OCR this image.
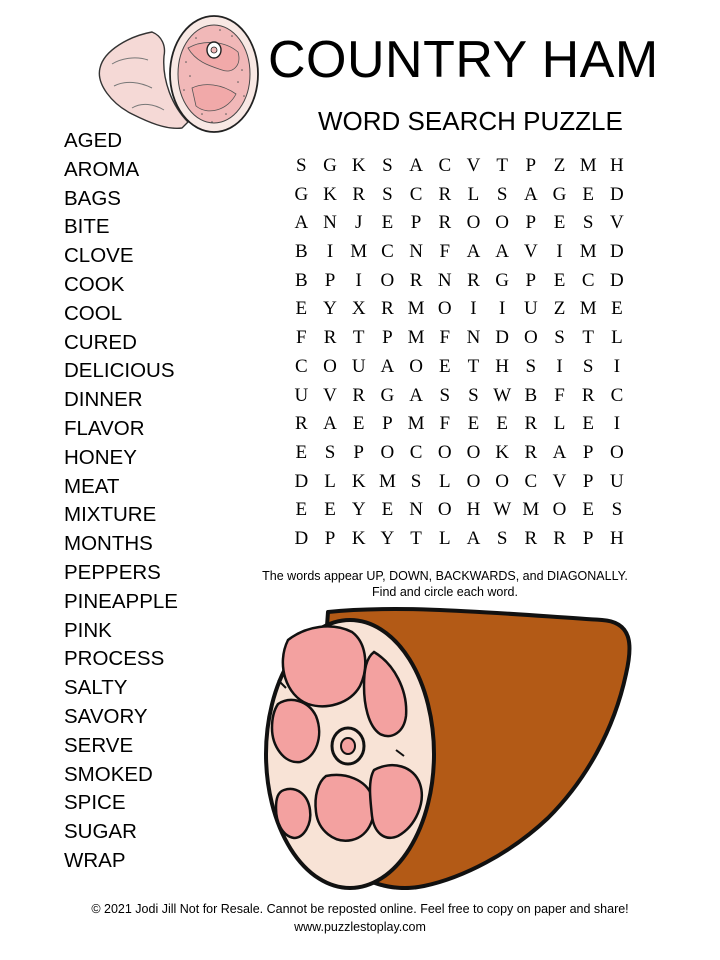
COUNTRY HAM
WORD SEARCH PUZZLE
AGED
AROMA
BAGS
BITE
CLOVE
COOK
COOL
CURED
DELICIOUS
DINNER
FLAVOR
HONEY
MEAT
MIXTURE
MONTHS
PEPPERS
PINEAPPLE
PINK
PROCESS
SALTY
SAVORY
SERVE
SMOKED
SPICE
SUGAR
WRAP
S G K S A C V T P Z M H
G K R S C R L S A G E D
A N J	E P R O O P E S V
B	I M C N F A A V I M D
B P	I O R N R G P E C D
E Y X R M O I	I U Z M E
F R T P M F N D O S T L
C O U A O E T H S	I	S	I
U V R G A S S W B F R C
R A E P M F E E R L E	I
E S P O C O O K R A P O
D L K M S L O O C V P U
E E Y E N O H W M O E S
D P K Y T L A S R R P H
The words appear UP, DOWN, BACKWARDS, and DIAGONALLY.
Find and circle each word.
© 2021 Jodi Jill Not for Resale. Cannot be reposted online. Feel free to copy on paper and share!
www.puzzlestoplay.com
